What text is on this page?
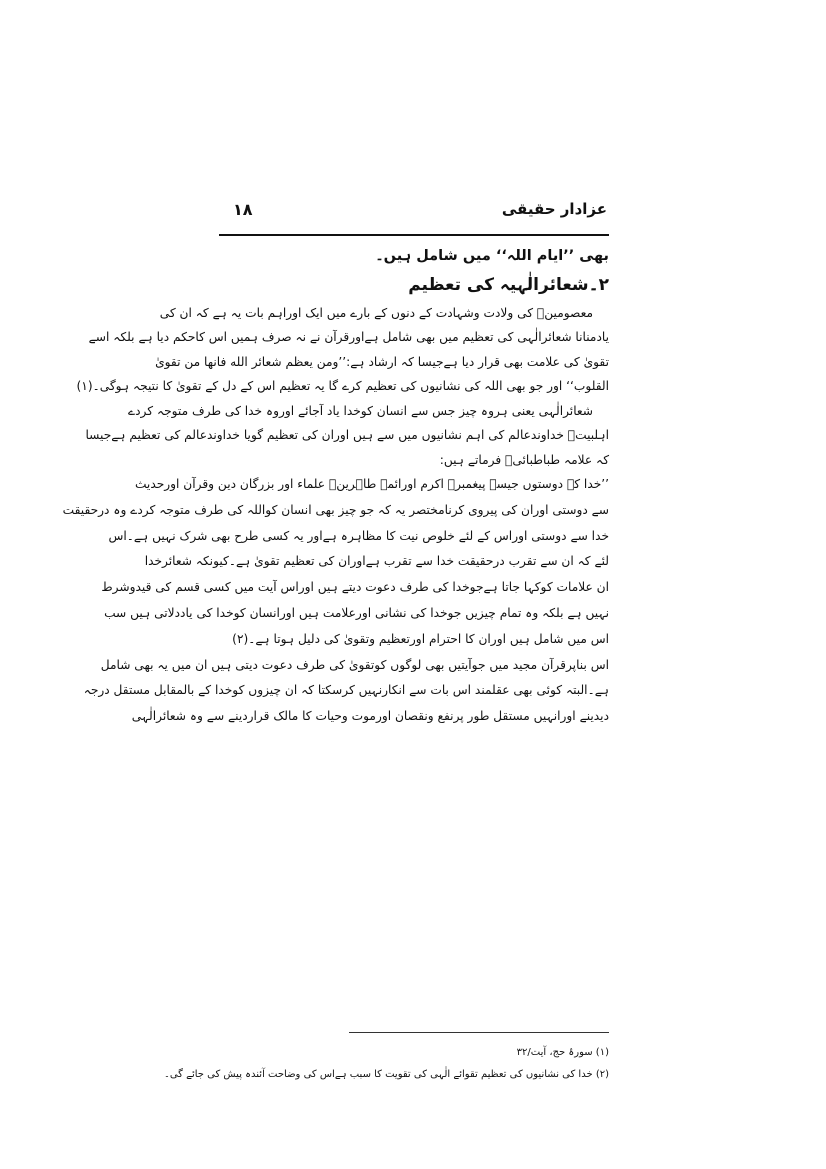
۱۸	عزادار حقیقی
بھی ’’ایام اللہ‘‘ میں شامل ہیں۔
۲۔شعائرالٰہیہ کی تعظیم
معصومینؑ کی ولادت وشہادت کے دنوں کے بارے میں ایک اوراہم بات یہ ہے کہ ان کی
یادمنانا شعائرالٰہی کی تعظیم میں بھی شامل ہےاورقرآن نے نہ صرف ہمیں اس کاحکم دیا ہے بلکہ اسے
تقویٰ کی علامت بھی قرار دیا ہےجیسا کہ ارشاد ہے:’’ومن یعظم شعائر الله فانها من تقویٰ
القلوب‘‘ اور جو بھی اللہ کی نشانیوں کی تعظیم کرے گا یہ تعظیم اس کے دل کے تقویٰ کا نتیجہ ہوگی۔(۱)
شعائرالٰہی یعنی ہروہ چیز جس سے انسان کوخدا یاد آجائے اوروہ خدا کی طرف متوجہ کردے
اہلبیتؑ خداوندعالم کی اہم نشانیوں میں سے ہیں اوران کی تعظیم گویا خداوندعالم کی تعظیم ہےجیسا
کہ علامہ طباطبائیؒ فرماتے ہیں:
’’خدا کے دوستوں جیسے پیغمبرؐ اکرم اورائمہ طاہرینؑ علماء اور بزرگان دین وقرآن اورحدیث
سے دوستی اوران کی پیروی کرنامختصر یہ کہ جو چیز بھی انسان کواللہ کی طرف متوجہ کردے وہ درحقیقت
خدا سے دوستی اوراس کے لئے خلوص نیت کا مظاہرہ ہےاور یہ کسی طرح بھی شرک نہیں ہے۔اس
لئے کہ ان سے تقرب درحقیقت خدا سے تقرب ہےاوران کی تعظیم تقویٰ ہے۔کیونکہ شعائرخدا
ان علامات کوکہا جاتا ہےجوخدا کی طرف دعوت دیتے ہیں اوراس آیت میں کسی قسم کی قیدوشرط
نہیں ہے بلکہ وہ تمام چیزیں جوخدا کی نشانی اورعلامت ہیں اورانسان کوخدا کی یاددلاتی ہیں سب
اس میں شامل ہیں اوران کا احترام اورتعظیم وتقویٰ کی دلیل ہوتا ہے۔(۲)
اس بناپرقرآن مجید میں جوآیتیں بھی لوگوں کوتقویٰ کی طرف دعوت دیتی ہیں ان میں یہ بھی شامل
ہے۔البتہ کوئی بھی عقلمند اس بات سے انکارنہیں کرسکتا کہ ان چیزوں کوخدا کے بالمقابل مستقل درجہ
دیدینے اورانہیں مستقل طور پرنفع ونقصان اورموت وحیات کا مالک قراردینے سے وہ شعائرالٰہی
(۱) سورۂ حج، آیت/۳۲
(۲) خدا کی نشانیوں کی تعظیم تقوائے الٰہی کی تقویت کا سبب ہےاس کی وضاحت آئندہ پیش کی جائے گی۔
